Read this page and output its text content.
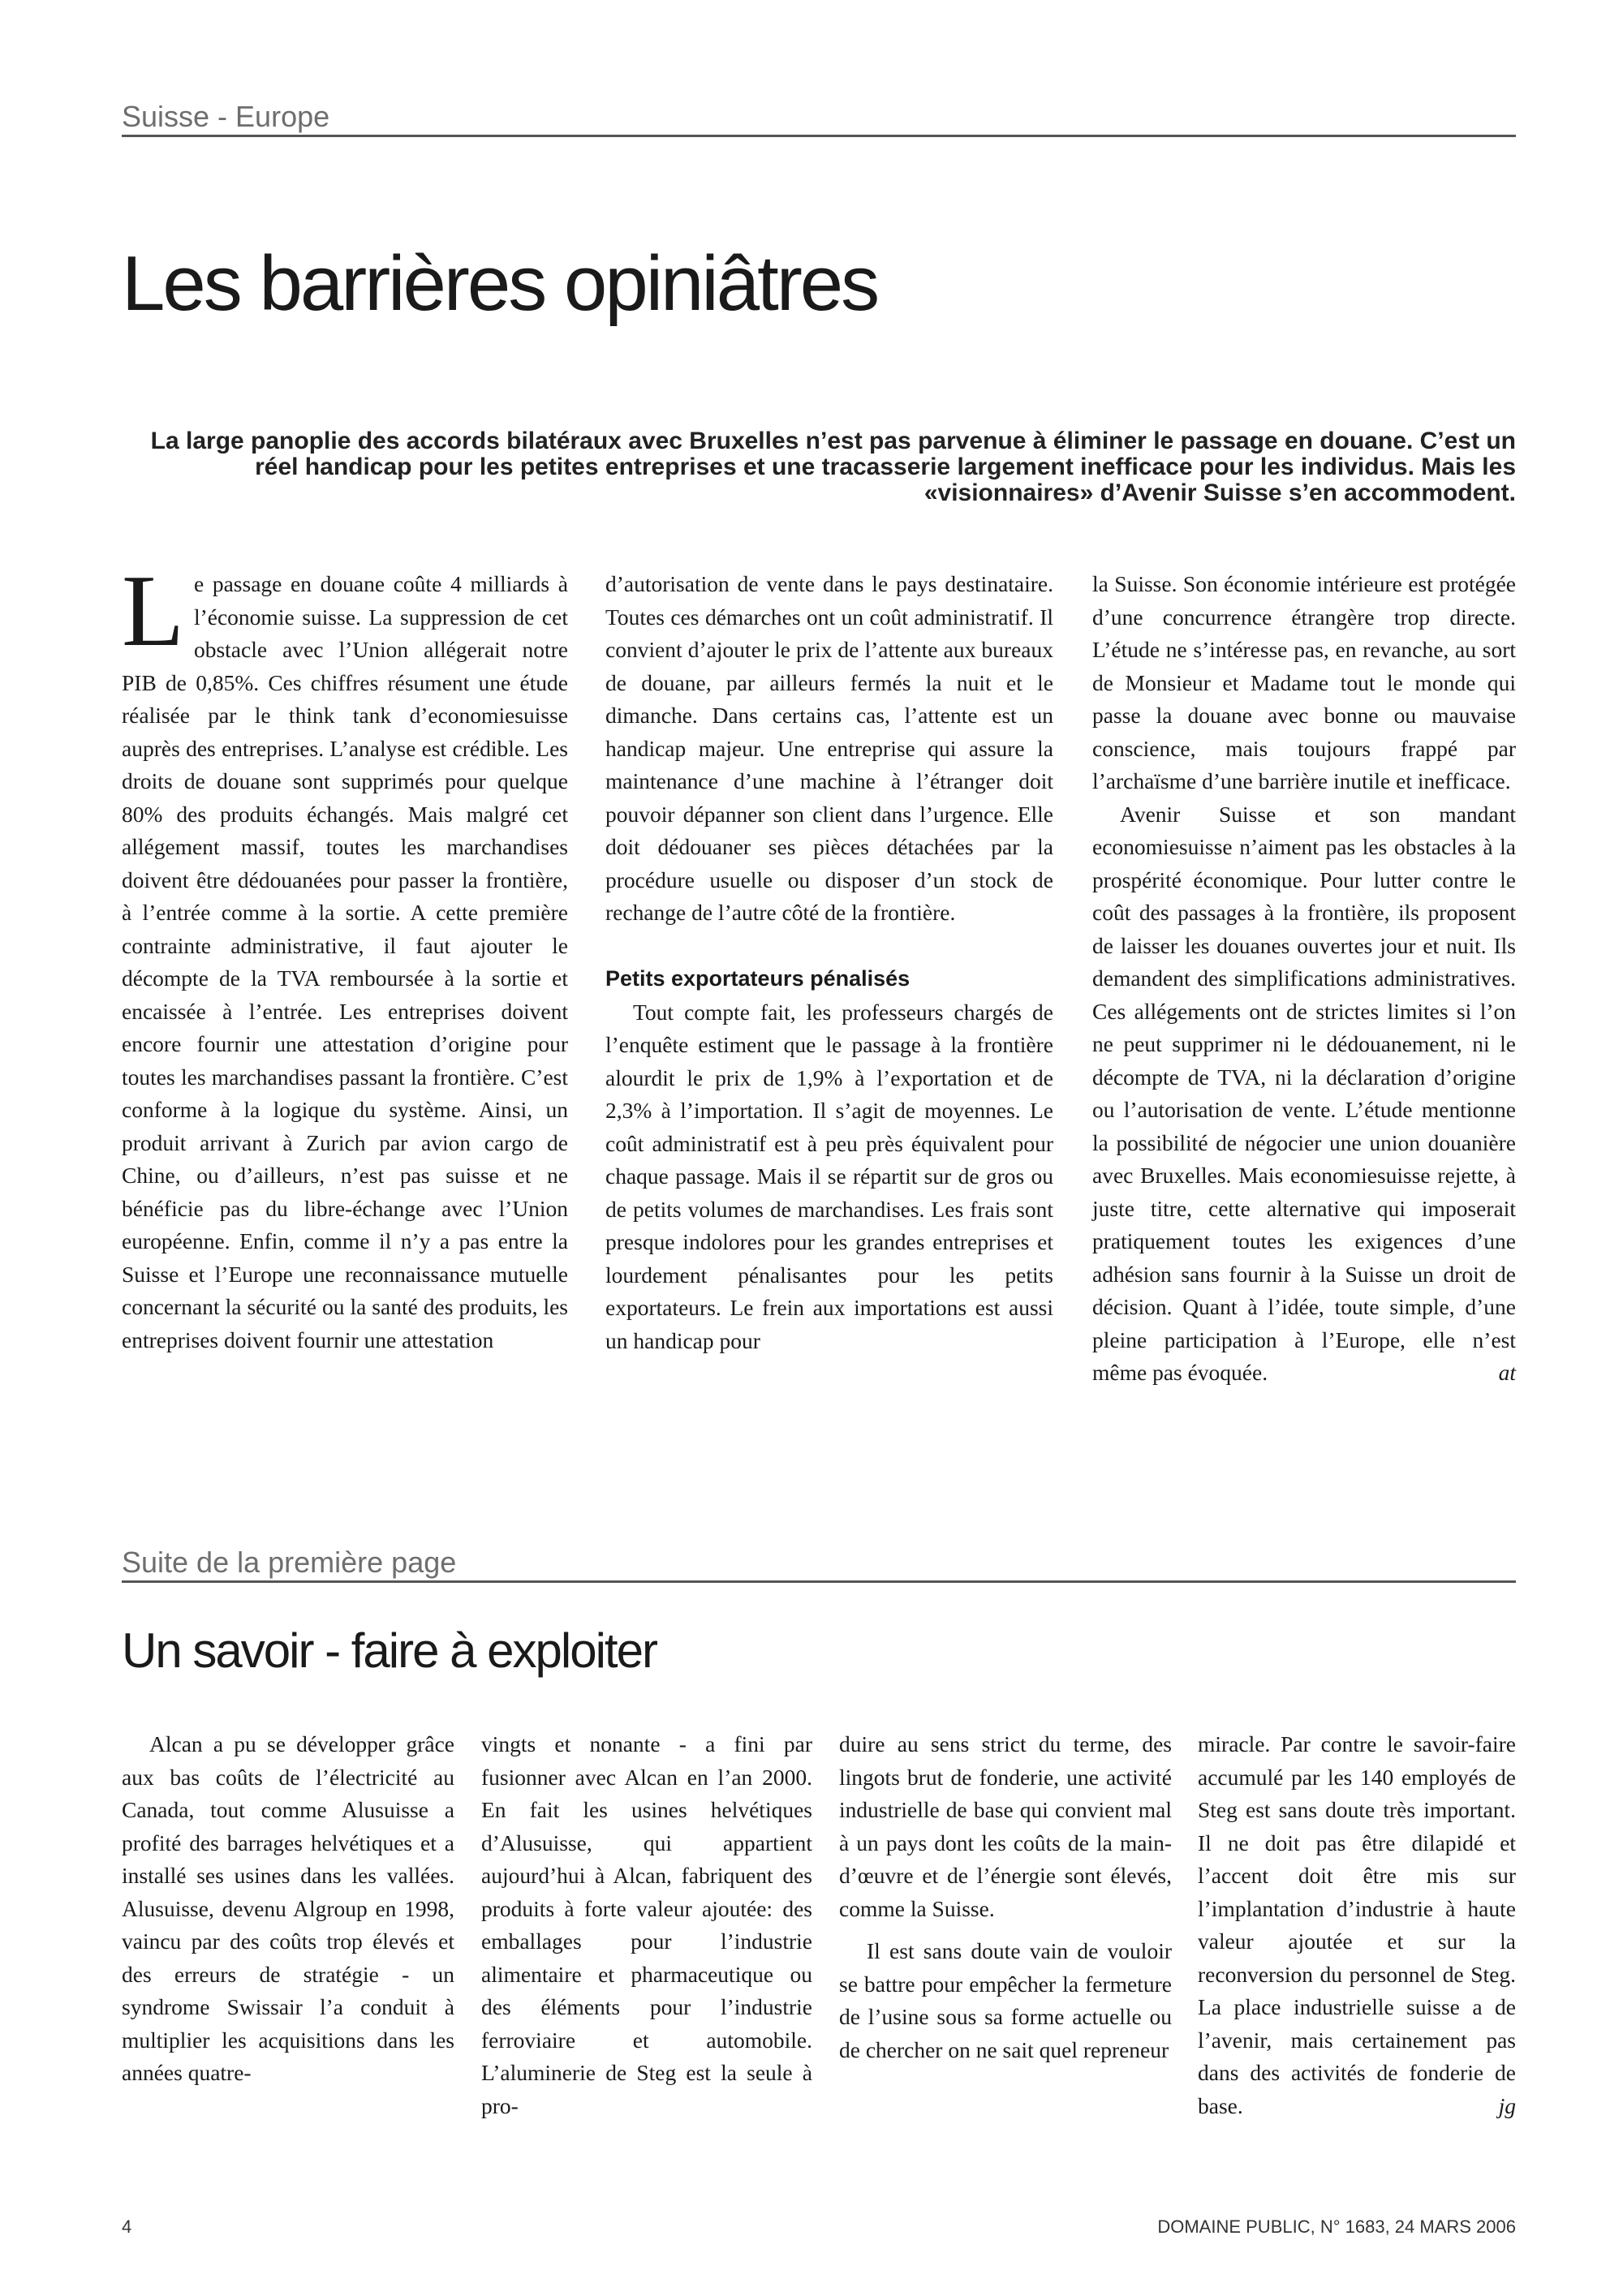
Suisse - Europe
Les barrières opiniâtres
La large panoplie des accords bilatéraux avec Bruxelles n’est pas parvenue à éliminer le passage en douane. C’est un réel handicap pour les petites entreprises et une tracasserie largement inefficace pour les individus. Mais les «visionnaires» d’Avenir Suisse s’en accommodent.
L e passage en douane coûte 4 milliards à l’économie suisse. La suppression de cet obstacle avec l’Union allégerait notre PIB de 0,85%. Ces chiffres résument une étude réalisée par le think tank d’economiesuisse auprès des entreprises. L’analyse est crédible. Les droits de douane sont supprimés pour quelque 80% des produits échangés. Mais malgré cet allégement massif, toutes les marchandises doivent être dédouanées pour passer la frontière, à l’entrée comme à la sortie. A cette première contrainte administrative, il faut ajouter le décompte de la TVA remboursée à la sortie et encaissée à l’entrée. Les entreprises doivent encore fournir une attestation d’origine pour toutes les marchandises passant la frontière. C’est conforme à la logique du système. Ainsi, un produit arrivant à Zurich par avion cargo de Chine, ou d’ailleurs, n’est pas suisse et ne bénéficie pas du libre-échange avec l’Union européenne. Enfin, comme il n’y a pas entre la Suisse et l’Europe une reconnaissance mutuelle concernant la sécurité ou la santé des produits, les entreprises doivent fournir une attestation

d’autorisation de vente dans le pays destinataire. Toutes ces démarches ont un coût administratif. Il convient d’ajouter le prix de l’attente aux bureaux de douane, par ailleurs fermés la nuit et le dimanche. Dans certains cas, l’attente est un handicap majeur. Une entreprise qui assure la maintenance d’une machine à l’étranger doit pouvoir dépanner son client dans l’urgence. Elle doit dédouaner ses pièces détachées par la procédure usuelle ou disposer d’un stock de rechange de l’autre côté de la frontière.

Petits exportateurs pénalisés

Tout compte fait, les professeurs chargés de l’enquête estiment que le passage à la frontière alourdit le prix de 1,9% à l’exportation et de 2,3% à l’importation. Il s’agit de moyennes. Le coût administratif est à peu près équivalent pour chaque passage. Mais il se répartit sur de gros ou de petits volumes de marchandises. Les frais sont presque indolores pour les grandes entreprises et lourdement pénalisantes pour les petits exportateurs. Le frein aux importations est aussi un handicap pour

la Suisse. Son économie intérieure est protégée d’une concurrence étrangère trop directe. L’étude ne s’intéresse pas, en revanche, au sort de Monsieur et Madame tout le monde qui passe la douane avec bonne ou mauvaise conscience, mais toujours frappé par l’archaïsme d’une barrière inutile et inefficace.

Avenir Suisse et son mandant economiesuisse n’aiment pas les obstacles à la prospérité économique. Pour lutter contre le coût des passages à la frontière, ils proposent de laisser les douanes ouvertes jour et nuit. Ils demandent des simplifications administratives. Ces allégements ont de strictes limites si l’on ne peut supprimer ni le dédouanement, ni le décompte de TVA, ni la déclaration d’origine ou l’autorisation de vente. L’étude mentionne la possibilité de négocier une union douanière avec Bruxelles. Mais economiesuisse rejette, à juste titre, cette alternative qui imposerait pratiquement toutes les exigences d’une adhésion sans fournir à la Suisse un droit de décision. Quant à l’idée, toute simple, d’une pleine participation à l’Europe, elle n’est même pas évoquée.	at

Suite de la première page
Un savoir - faire à exploiter

Alcan a pu se développer grâce aux bas coûts de l’électricité au Canada, tout comme Alusuisse a profité des barrages helvétiques et a installé ses usines dans les vallées. Alusuisse, devenu Algroup en 1998, vaincu par des coûts trop élevés et des erreurs de stratégie - un syndrome Swissair l’a conduit à multiplier les acquisitions dans les années quatre-

vingts et nonante - a fini par fusionner avec Alcan en l’an 2000. En fait les usines helvétiques d’Alusuisse, qui appartient aujourd’hui à Alcan, fabriquent des produits à forte valeur ajoutée: des emballages pour l’industrie alimentaire et pharmaceutique ou des éléments pour l’industrie ferroviaire et automobile. L’aluminerie de Steg est la seule à pro-

duire au sens strict du terme, des lingots brut de fonderie, une activité industrielle de base qui convient mal à un pays dont les coûts de la main-d’œuvre et de l’énergie sont élevés, comme la Suisse.

Il est sans doute vain de vouloir se battre pour empêcher la fermeture de l’usine sous sa forme actuelle ou de chercher on ne sait quel repreneur

miracle. Par contre le savoir-faire accumulé par les 140 employés de Steg est sans doute très important. Il ne doit pas être dilapidé et l’accent doit être mis sur l’implantation d’industrie à haute valeur ajoutée et sur la reconversion du personnel de Steg. La place industrielle suisse a de l’avenir, mais certainement pas dans des activités de fonderie de base.	jg

4	DOMAINE PUBLIC, N° 1683, 24 MARS 2006
